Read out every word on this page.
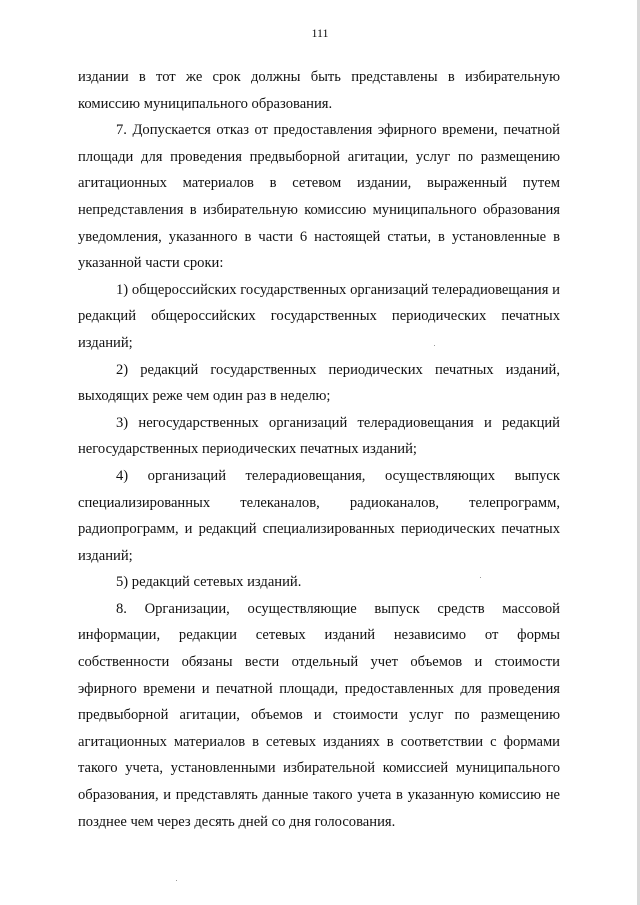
111

издании в тот же срок должны быть представлены в избирательную комиссию муниципального образования.

7. Допускается отказ от предоставления эфирного времени, печатной площади для проведения предвыборной агитации, услуг по размещению агитационных материалов в сетевом издании, выраженный путем непредставления в избирательную комиссию муниципального образования уведомления, указанного в части 6 настоящей статьи, в установленные в указанной части сроки:

1) общероссийских государственных организаций телерадиовещания и редакций общероссийских государственных периодических печатных изданий;

2) редакций государственных периодических печатных изданий, выходящих реже чем один раз в неделю;

3) негосударственных организаций телерадиовещания и редакций негосударственных периодических печатных изданий;

4) организаций телерадиовещания, осуществляющих выпуск специализированных телеканалов, радиоканалов, телепрограмм, радиопрограмм, и редакций специализированных периодических печатных изданий;

5) редакций сетевых изданий.

8. Организации, осуществляющие выпуск средств массовой информации, редакции сетевых изданий независимо от формы собственности обязаны вести отдельный учет объемов и стоимости эфирного времени и печатной площади, предоставленных для проведения предвыборной агитации, объемов и стоимости услуг по размещению агитационных материалов в сетевых изданиях в соответствии с формами такого учета, установленными избирательной комиссией муниципального образования, и представлять данные такого учета в указанную комиссию не позднее чем через десять дней со дня голосования.
